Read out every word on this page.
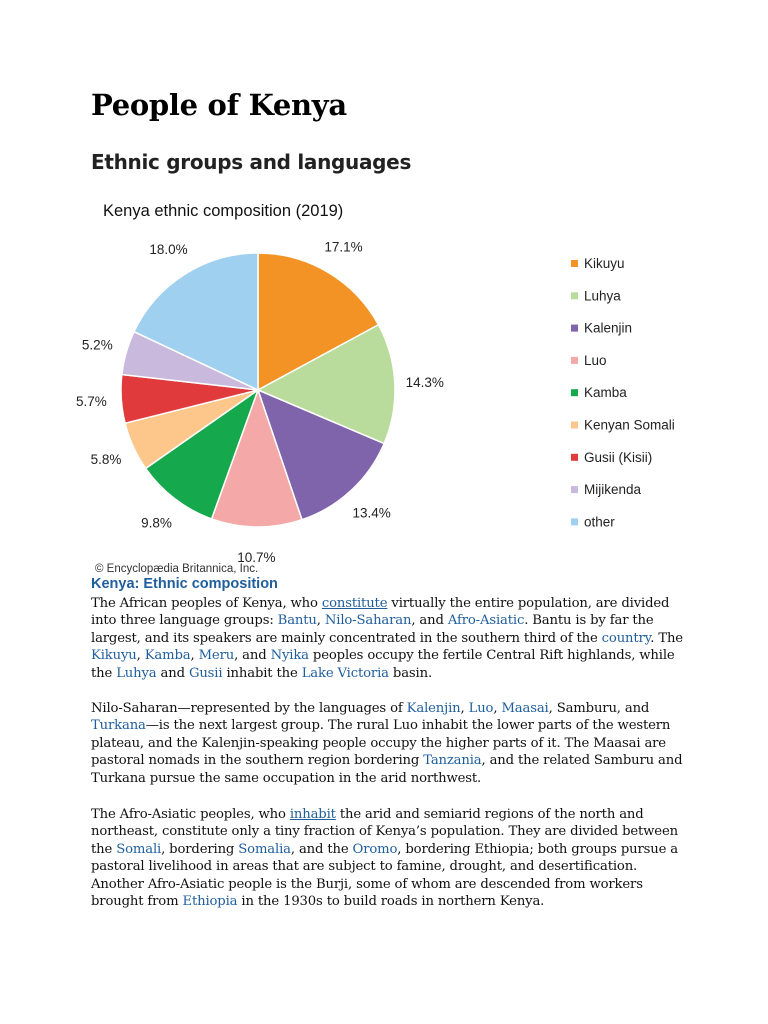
People of Kenya
Ethnic groups and languages
Kenya ethnic composition (2019)
17.1%
14.3%
13.4%
10.7%
9.8%
5.8%
5.7%
5.2%
18.0%
Kikuyu
Luhya
Kalenjin
Luo
Kamba
Kenyan Somali
Gusii (Kisii)
Mijikenda
other
© Encyclopædia Britannica, Inc.
Kenya: Ethnic composition

The African peoples of Kenya, who constitute virtually the entire population, are divided into three language groups: Bantu, Nilo-Saharan, and Afro-Asiatic. Bantu is by far the largest, and its speakers are mainly concentrated in the southern third of the country. The Kikuyu, Kamba, Meru, and Nyika peoples occupy the fertile Central Rift highlands, while the Luhya and Gusii inhabit the Lake Victoria basin.

Nilo-Saharan—represented by the languages of Kalenjin, Luo, Maasai, Samburu, and Turkana—is the next largest group. The rural Luo inhabit the lower parts of the western plateau, and the Kalenjin-speaking people occupy the higher parts of it. The Maasai are pastoral nomads in the southern region bordering Tanzania, and the related Samburu and Turkana pursue the same occupation in the arid northwest.

The Afro-Asiatic peoples, who inhabit the arid and semiarid regions of the north and northeast, constitute only a tiny fraction of Kenya’s population. They are divided between the Somali, bordering Somalia, and the Oromo, bordering Ethiopia; both groups pursue a pastoral livelihood in areas that are subject to famine, drought, and desertification. Another Afro-Asiatic people is the Burji, some of whom are descended from workers brought from Ethiopia in the 1930s to build roads in northern Kenya.
